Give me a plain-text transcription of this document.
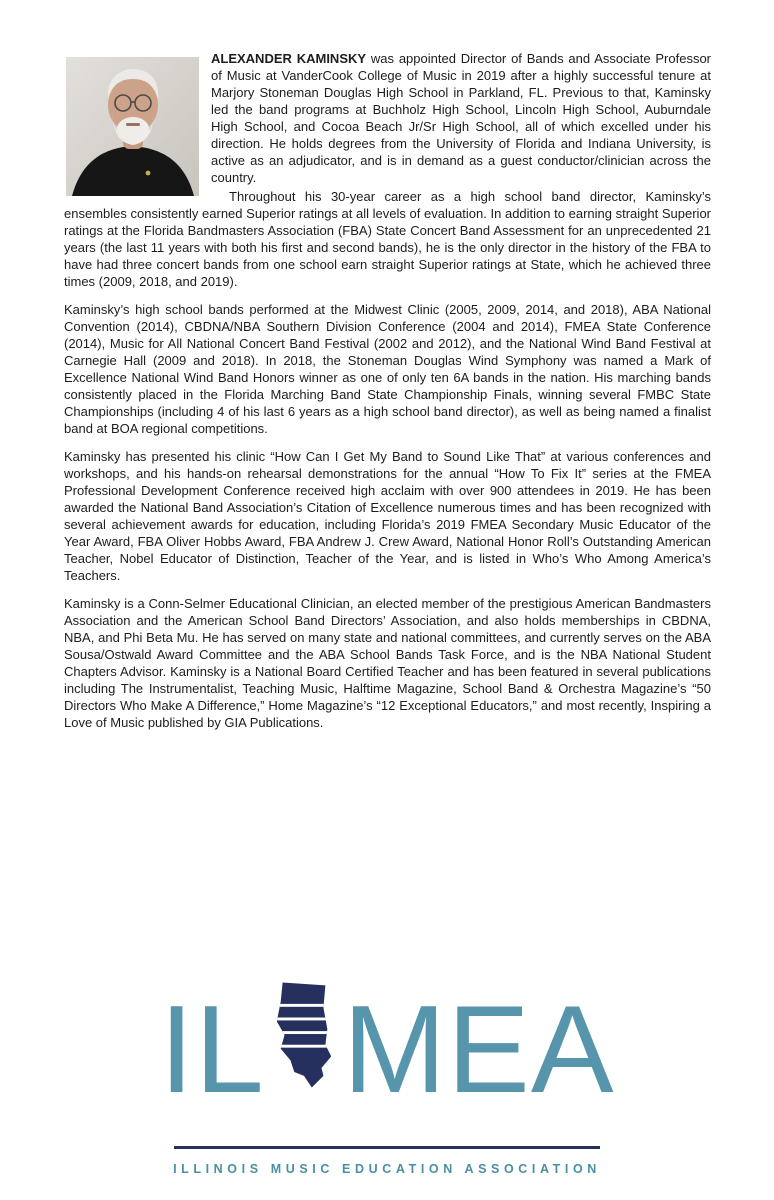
ALEXANDER KAMINSKY was appointed Director of Bands and Associate Professor of Music at VanderCook College of Music in 2019 after a highly successful tenure at Marjory Stoneman Douglas High School in Parkland, FL. Previous to that, Kaminsky led the band programs at Buchholz High School, Lincoln High School, Auburndale High School, and Cocoa Beach Jr/Sr High School, all of which excelled under his direction. He holds degrees from the University of Florida and Indiana University, is active as an adjudicator, and is in demand as a guest conductor/clinician across the country.

Throughout his 30-year career as a high school band director, Kaminsky’s ensembles consistently earned Superior ratings at all levels of evaluation. In addition to earning straight Superior ratings at the Florida Bandmasters Association (FBA) State Concert Band Assessment for an unprecedented 21 years (the last 11 years with both his first and second bands), he is the only director in the history of the FBA to have had three concert bands from one school earn straight Superior ratings at State, which he achieved three times (2009, 2018, and 2019).

Kaminsky’s high school bands performed at the Midwest Clinic (2005, 2009, 2014, and 2018), ABA National Convention (2014), CBDNA/NBA Southern Division Conference (2004 and 2014), FMEA State Conference (2014), Music for All National Concert Band Festival (2002 and 2012), and the National Wind Band Festival at Carnegie Hall (2009 and 2018). In 2018, the Stoneman Douglas Wind Symphony was named a Mark of Excellence National Wind Band Honors winner as one of only ten 6A bands in the nation. His marching bands consistently placed in the Florida Marching Band State Championship Finals, winning several FMBC State Championships (including 4 of his last 6 years as a high school band director), as well as being named a finalist band at BOA regional competitions.

Kaminsky has presented his clinic “How Can I Get My Band to Sound Like That” at various conferences and workshops, and his hands-on rehearsal demonstrations for the annual “How To Fix It” series at the FMEA Professional Development Conference received high acclaim with over 900 attendees in 2019. He has been awarded the National Band Association’s Citation of Excellence numerous times and has been recognized with several achievement awards for education, including Florida’s 2019 FMEA Secondary Music Educator of the Year Award, FBA Oliver Hobbs Award, FBA Andrew J. Crew Award, National Honor Roll’s Outstanding American Teacher, Nobel Educator of Distinction, Teacher of the Year, and is listed in Who’s Who Among America’s Teachers.

Kaminsky is a Conn-Selmer Educational Clinician, an elected member of the prestigious American Bandmasters Association and the American School Band Directors’ Association, and also holds memberships in CBDNA, NBA, and Phi Beta Mu. He has served on many state and national committees, and currently serves on the ABA Sousa/Ostwald Award Committee and the ABA School Bands Task Force, and is the NBA National Student Chapters Advisor. Kaminsky is a National Board Certified Teacher and has been featured in several publications including The Instrumentalist, Teaching Music, Halftime Magazine, School Band & Orchestra Magazine’s “50 Directors Who Make A Difference,” Home Magazine’s “12 Exceptional Educators,” and most recently, Inspiring a Love of Music published by GIA Publications.

IL MEA
ILLINOIS MUSIC EDUCATION ASSOCIATION
